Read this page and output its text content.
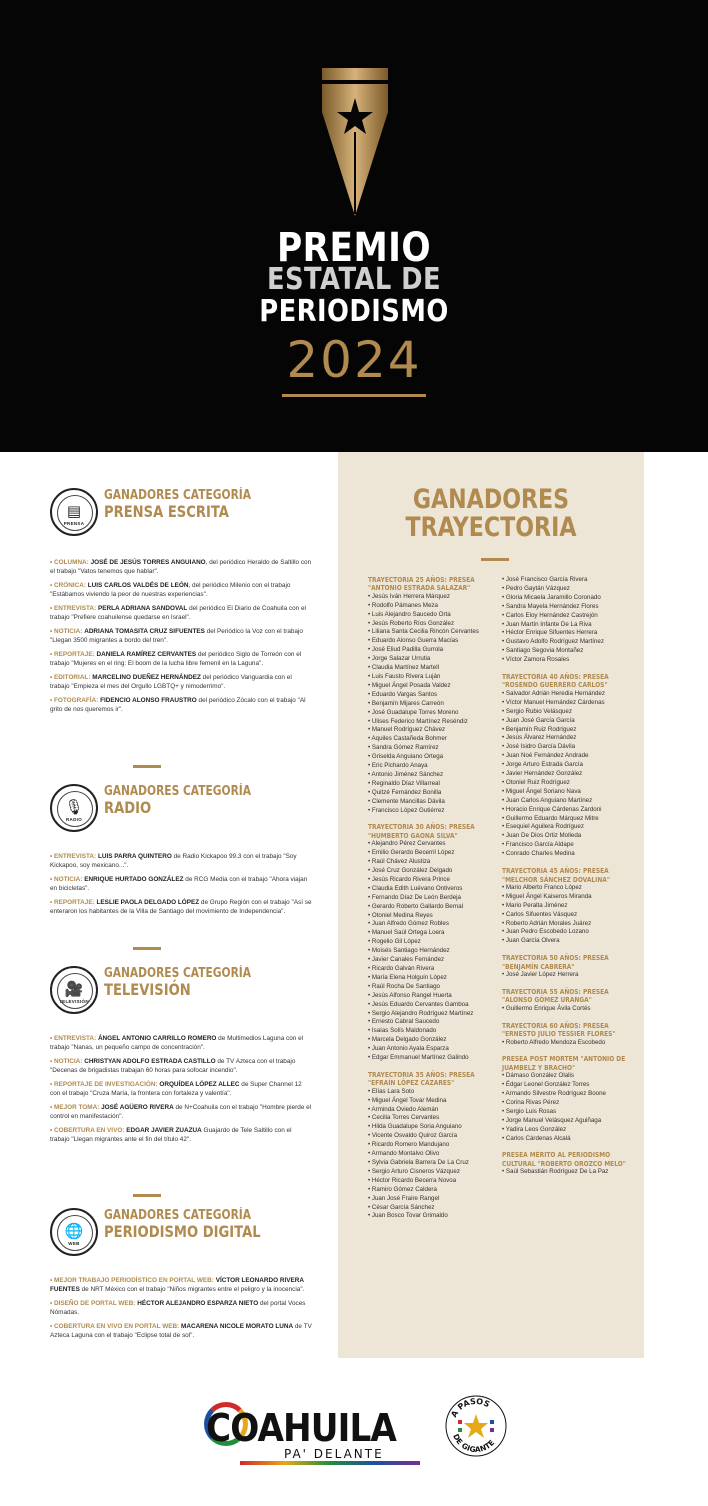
PREMIO
ESTATAL DE
PERIODISMO
2024
▤
PRENSA
GANADORES CATEGORÍA
PRENSA ESCRITA
• COLUMNA: JOSÉ DE JESÚS TORRES ANGUIANO, del periódico Heraldo de Saltillo con el trabajo "Vatos tenemos que hablar".
• CRÓNICA: LUIS CARLOS VALDÉS DE LEÓN, del periódico Milenio con el trabajo "Estábamos viviendo la peor de nuestras experiencias".
• ENTREVISTA: PERLA ADRIANA SANDOVAL del periódico El Diario de Coahuila con el trabajo "Prefiere coahuilense quedarse en Israel".
• NOTICIA: ADRIANA TOMASITA CRUZ SIFUENTES del Periódico la Voz con el trabajo "Llegan 3500 migrantes a bordo del tren".
• REPORTAJE: DANIELA RAMÍREZ CERVANTES del periódico Siglo de Torreón con el trabajo "Mujeres en el ring: El boom de la lucha libre femenil en la Laguna".
• EDITORIAL: MARCELINO DUEÑEZ HERNÁNDEZ del periódico Vanguardia con el trabajo "Empieza el mes del Orgullo LGBTQ+ y nimoderrimo".
• FOTOGRAFÍA: FIDENCIO ALONSO FRAUSTRO del periódico Zócalo con el trabajo "Al grito de nos queremos ir".
🎙
RADIO
GANADORES CATEGORÍA
RADIO
• ENTREVISTA: LUIS PARRA QUINTERO de Radio Kickapoo 99.3 con el trabajo "Soy Kickapoo, soy mexicano...".
• NOTICIA: ENRIQUE HURTADO GONZÁLEZ de RCG Media con el trabajo "Ahora viajan en bicicletas".
• REPORTAJE: LESLIE PAOLA DELGADO LÓPEZ de Grupo Región con el trabajo "Así se enteraron los habitantes de la Villa de Santiago del movimiento de Independencia".
🎥
TELEVISIÓN
GANADORES CATEGORÍA
TELEVISIÓN
• ENTREVISTA: ÁNGEL ANTONIO CARRILLO ROMERO de Multimedios Laguna con el trabajo "Nanas, un pequeño campo de concentración".
• NOTICIA: CHRISTYAN ADOLFO ESTRADA CASTILLO de TV Azteca con el trabajo "Decenas de brigadistas trabajan 60 horas para sofocar incendio".
• REPORTAJE DE INVESTIGACIÓN: ORQUÍDEA LÓPEZ ALLEC de Super Channel 12 con el trabajo "Cruza María, la frontera con fortaleza y valentía".
• MEJOR TOMA: JOSÉ AGÜERO RIVERA de N+Coahuila con el trabajo "Hombre pierde el control en manifestación".
• COBERTURA EN VIVO: EDGAR JAVIER ZUAZUA Guajardo de Tele Saltillo con el trabajo "Llegan migrantes ante el fin del título 42".
🌐
WEB
GANADORES CATEGORÍA
PERIODISMO DIGITAL
• MEJOR TRABAJO PERIODÍSTICO EN PORTAL WEB: VÍCTOR LEONARDO RIVERA FUENTES de NRT México con el trabajo "Niños migrantes entre el peligro y la inocencia".
• DISEÑO DE PORTAL WEB: HÉCTOR ALEJANDRO ESPARZA NIETO del portal Voces Nómadas.
• COBERTURA EN VIVO EN PORTAL WEB: MACARENA NICOLE MORATO LUNA de TV Azteca Laguna con el trabajo "Eclipse total de sol".
GANADORES
TRAYECTORIA
TRAYECTORIA 25 AÑOS: PRESEA "ANTONIO ESTRADA SALAZAR"
• Jesús Iván Herrera Márquez
• Rodolfo Pámanes Meza
• Luis Alejandro Saucedo Orta
• Jesús Roberto Ríos González
• Liliana Santa Cecilia Rincón Cervantes
• Eduardo Alonso Guerra Macías
• José Eliud Padilla Gurrola
• Jorge Salazar Urrutia
• Claudia Martínez Martell
• Luis Fausto Rivera Luján
• Miguel Ángel Posada Valdez
• Eduardo Vargas Santos
• Benjamín Mijares Carreón
• José Guadalupe Torres Moreno
• Ulises Federico Martínez Reséndiz
• Manuel Rodríguez Chávez
• Aquiles Castañeda Bohmer
• Sandra Gómez Ramírez
• Griselda Anguiano Ortega
• Eric Pichardo Anaya
• Antonio Jiménez Sánchez
• Reginaldo Díaz Villarreal
• Quitzé Fernández Bonilla
• Clemente Mancillas Dávila
• Francisco López Gutiérrez
TRAYECTORIA 30 AÑOS: PRESEA "HUMBERTO GAONA SILVA"
• Alejandro Pérez Cervantes
• Emilio Gerardo Becerril López
• Raúl Chávez Alustiza
• José Cruz González Delgado
• Jesús Ricardo Rivera Prince
• Claudia Edith Luévano Ontiveros
• Fernando Díaz De León Berdeja
• Gerardo Roberto Gallardo Bernal
• Otoniel Medina Reyes
• Juan Alfredo Gómez Robles
• Manuel Saúl Ortega Loera
• Rogelio Gil López
• Moisés Santiago Hernández
• Javier Canales Fernández
• Ricardo Galván Rivera
• María Elena Holguín López
• Raúl Rocha De Santiago
• Jesús Alfonso Rangel Huerta
• Jesús Eduardo Cervantes Gamboa
• Sergio Alejandro Rodríguez Martínez
• Ernesto Cabral Saucedo
• Isaías Solís Maldonado
• Marcela Delgado González
• Juan Antonio Ayala Esparza
• Edgar Emmanuel Martínez Galindo
TRAYECTORIA 35 AÑOS: PRESEA "EFRAÍN LÓPEZ CÁZARES"
• Elías Lara Soto
• Miguel Ángel Tovar Medina
• Arminda Oviedo Alemán
• Cecilia Torres Cervantes
• Hilda Guadalupe Soria Anguiano
• Vicente Osvaldo Quiroz García
• Ricardo Romero Mandujano
• Armando Montalvo Olivo
• Sylvia Gabriela Barrera De La Cruz
• Sergio Arturo Cisneros Vázquez
• Héctor Ricardo Becerra Novoa
• Ramiro Gómez Caldera
• Juan José Fraire Rangel
• César García Sánchez
• Juan Bosco Tovar Grimaldo
• José Francisco García Rivera
• Pedro Gaytán Vázquez
• Gloria Micaela Jaramillo Coronado
• Sandra Mayela Hernández Flores
• Carlos Eloy Hernández Castrejón
• Juan Martín Infante De La Riva
• Héctor Enrique Sifuentes Herrera
• Gustavo Adolfo Rodríguez Martínez
• Santiago Segovia Montañez
• Víctor Zamora Rosales
TRAYECTORIA 40 AÑOS: PRESEA "ROSENDO GUERRERO CARLOS"
• Salvador Adrián Heredia Hernández
• Víctor Manuel Hernández Cárdenas
• Sergio Rubio Velásquez
• Juan José García García
• Benjamín Ruiz Rodríguez
• Jesús Álvarez Hernández
• José Isidro García Dávila
• Juan Noé Fernández Andrade
• Jorge Arturo Estrada García
• Javier Hernández González
• Otoniel Ruiz Rodríguez
• Miguel Ángel Soriano Nava
• Juan Carlos Anguiano Martínez
• Horacio Enrique Cárdenas Zardoni
• Guillermo Eduardo Márquez Mitre
• Esequiel Aguilera Rodríguez
• Juan De Dios Ortiz Molleda
• Francisco García Aldape
• Conrado Charles Medina
TRAYECTORIA 45 AÑOS: PRESEA "MELCHOR SÁNCHEZ DOVALINA"
• Mario Alberto Franco López
• Miguel Ángel Kaiseros Miranda
• Mario Peralta Jiménez
• Carlos Sifuentes Vásquez
• Roberto Adrián Morales Juárez
• Juan Pedro Escobedo Lozano
• Juan García Olvera
TRAYECTORIA 50 AÑOS: PRESEA "BENJAMÍN CABRERA"
• José Javier López Herrera
TRAYECTORIA 55 AÑOS: PRESEA "ALONSO GÓMEZ URANGA"
• Guillermo Enrique Ávila Cortés
TRAYECTORIA 60 AÑOS: PRESEA "ERNESTO JULIO TESSIER FLORES"
• Roberto Alfredo Mendoza Escobedo
PRESEA POST MORTEM "ANTONIO DE JUAMBELZ Y BRACHO"
• Dámaso González Olalis
• Édgar Leonel González Torres
• Armando Silvestre Rodríguez Boone
• Corina Rivas Pérez
• Sergio Luis Rosas
• Jorge Manuel Velásquez Aguiñaga
• Yadira Leos González
• Carlos Cárdenas Alcalá
PRESEA MÉRITO AL PERIODISMO CULTURAL "ROBERTO OROZCO MELO"
• Saúl Sebastián Rodríguez De La Paz
COAHUILA
PA' DELANTE
A PASOS
DE GIGANTE
